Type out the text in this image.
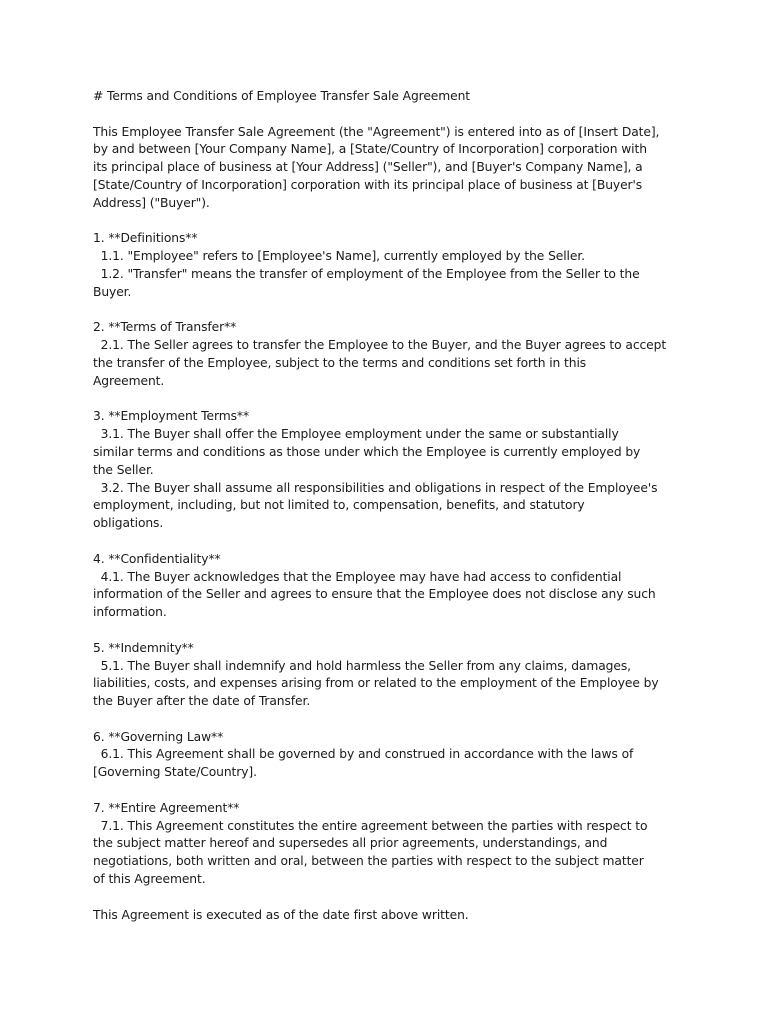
# Terms and Conditions of Employee Transfer Sale Agreement

This Employee Transfer Sale Agreement (the "Agreement") is entered into as of [Insert Date],

by and between [Your Company Name], a [State/Country of Incorporation] corporation with

its principal place of business at [Your Address] ("Seller"), and [Buyer's Company Name], a

[State/Country of Incorporation] corporation with its principal place of business at [Buyer's

Address] ("Buyer").

1. **Definitions**

1.1. "Employee" refers to [Employee's Name], currently employed by the Seller.

1.2. "Transfer" means the transfer of employment of the Employee from the Seller to the

Buyer.

2. **Terms of Transfer**

2.1. The Seller agrees to transfer the Employee to the Buyer, and the Buyer agrees to accept

the transfer of the Employee, subject to the terms and conditions set forth in this

Agreement.

3. **Employment Terms**

3.1. The Buyer shall offer the Employee employment under the same or substantially

similar terms and conditions as those under which the Employee is currently employed by

the Seller.

3.2. The Buyer shall assume all responsibilities and obligations in respect of the Employee's

employment, including, but not limited to, compensation, benefits, and statutory

obligations.

4. **Confidentiality**

4.1. The Buyer acknowledges that the Employee may have had access to confidential

information of the Seller and agrees to ensure that the Employee does not disclose any such

information.

5. **Indemnity**

5.1. The Buyer shall indemnify and hold harmless the Seller from any claims, damages,

liabilities, costs, and expenses arising from or related to the employment of the Employee by

the Buyer after the date of Transfer.

6. **Governing Law**

6.1. This Agreement shall be governed by and construed in accordance with the laws of

[Governing State/Country].

7. **Entire Agreement**

7.1. This Agreement constitutes the entire agreement between the parties with respect to

the subject matter hereof and supersedes all prior agreements, understandings, and

negotiations, both written and oral, between the parties with respect to the subject matter

of this Agreement.

This Agreement is executed as of the date first above written.
